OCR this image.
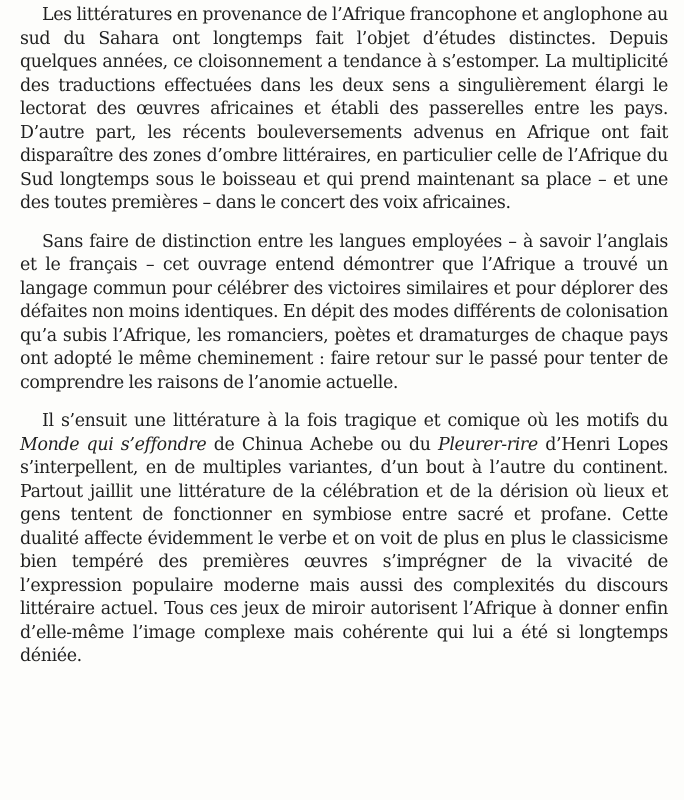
Les littératures en provenance de l’Afrique francophone et anglophone au sud du Sahara ont longtemps fait l’objet d’études distinctes. Depuis quelques années, ce cloisonnement a tendance à s’estomper. La multiplicité des traductions effectuées dans les deux sens a singulièrement élargi le lectorat des œuvres africaines et établi des passerelles entre les pays. D’autre part, les récents bouleversements advenus en Afrique ont fait disparaître des zones d’ombre littéraires, en particulier celle de l’Afrique du Sud longtemps sous le boisseau et qui prend maintenant sa place – et une des toutes premières – dans le concert des voix africaines.

Sans faire de distinction entre les langues employées – à savoir l’anglais et le français – cet ouvrage entend démontrer que l’Afrique a trouvé un langage commun pour célébrer des victoires similaires et pour déplorer des défaites non moins identiques. En dépit des modes différents de colonisation qu’a subis l’Afrique, les romanciers, poètes et dramaturges de chaque pays ont adopté le même cheminement : faire retour sur le passé pour tenter de comprendre les raisons de l’anomie actuelle.

Il s’ensuit une littérature à la fois tragique et comique où les motifs du Monde qui s’effondre de Chinua Achebe ou du Pleurer-rire d’Henri Lopes s’interpellent, en de multiples variantes, d’un bout à l’autre du continent. Partout jaillit une littérature de la célébration et de la dérision où lieux et gens tentent de fonctionner en symbiose entre sacré et profane. Cette dualité affecte évidemment le verbe et on voit de plus en plus le classicisme bien tempéré des premières œuvres s’imprégner de la vivacité de l’expression populaire moderne mais aussi des complexités du discours littéraire actuel. Tous ces jeux de miroir autorisent l’Afrique à donner enfin d’elle-même l’image complexe mais cohérente qui lui a été si longtemps déniée.
